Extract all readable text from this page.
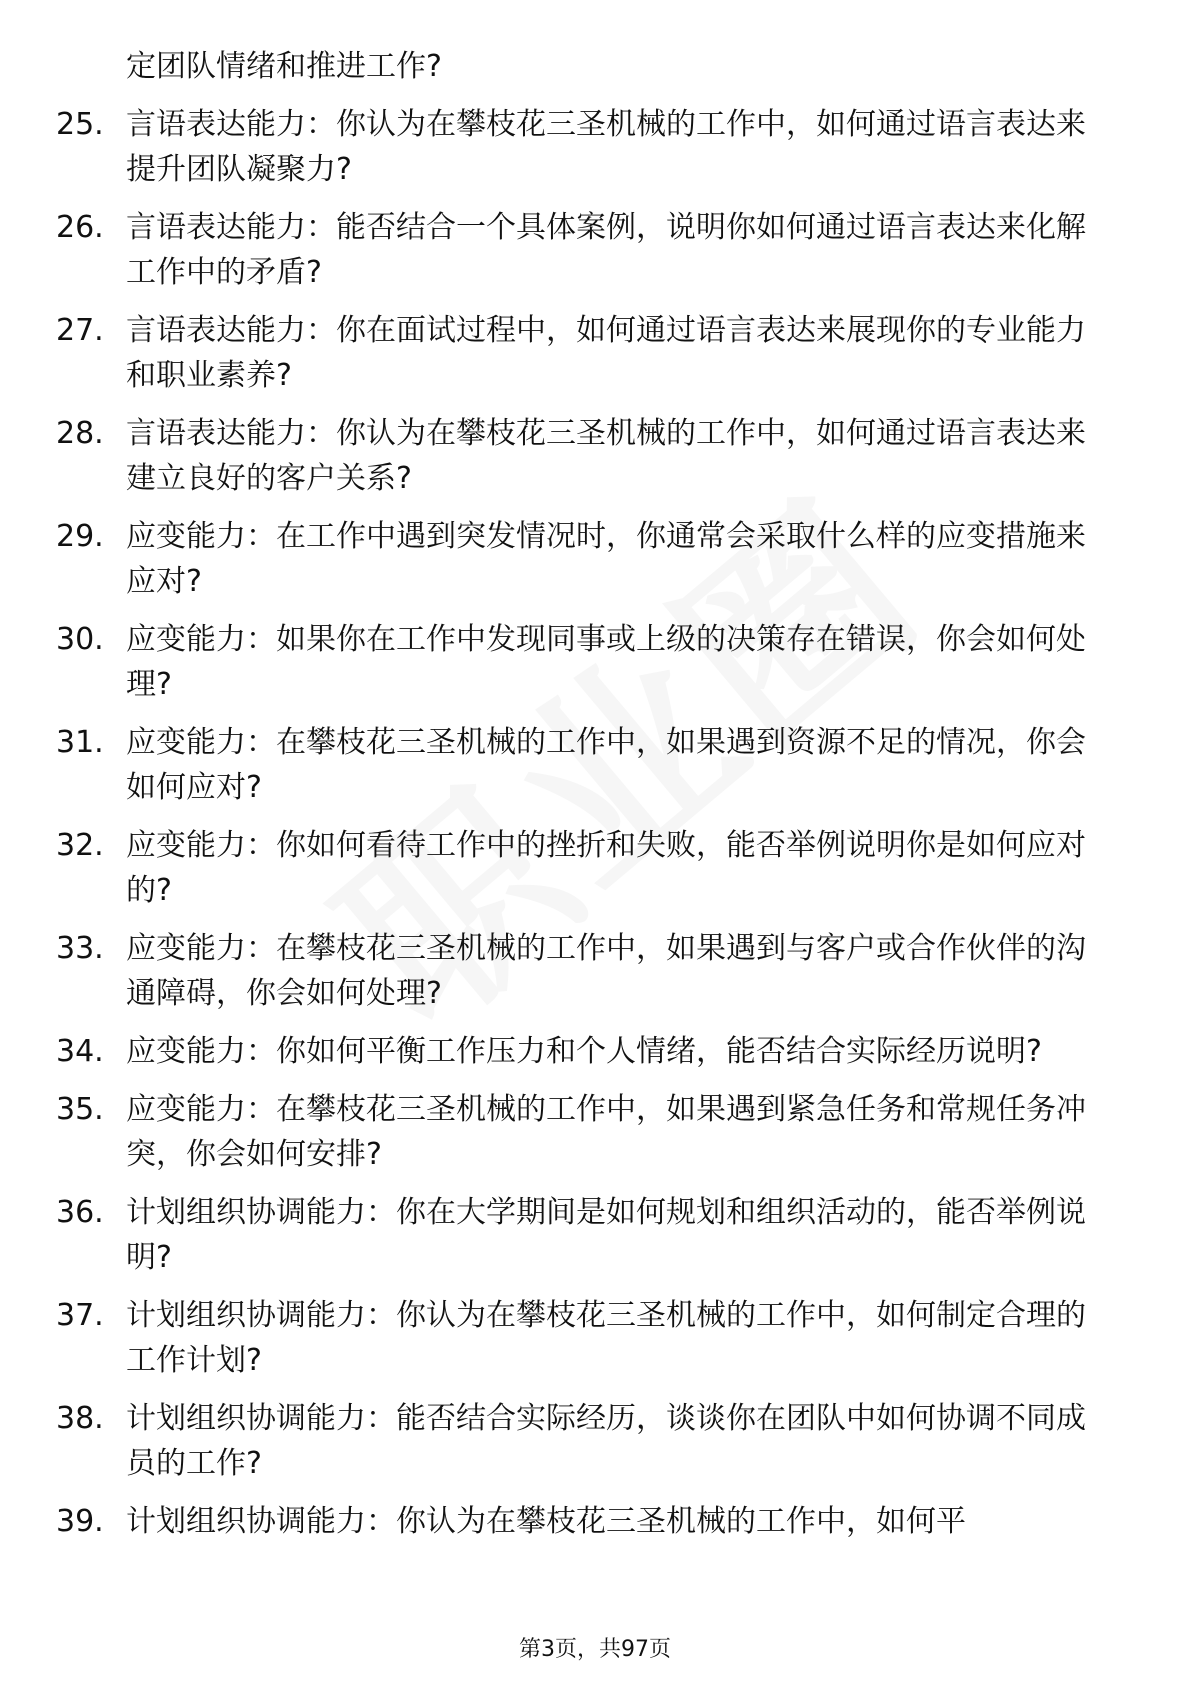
定团队情绪和推进工作?
25. 言语表达能力：你认为在攀枝花三圣机械的工作中，如何通过语言表达来提升团队凝聚力?
26. 言语表达能力：能否结合一个具体案例，说明你如何通过语言表达来化解工作中的矛盾?
27. 言语表达能力：你在面试过程中，如何通过语言表达来展现你的专业能力和职业素养?
28. 言语表达能力：你认为在攀枝花三圣机械的工作中，如何通过语言表达来建立良好的客户关系?
29. 应变能力：在工作中遇到突发情况时，你通常会采取什么样的应变措施来应对?
30. 应变能力：如果你在工作中发现同事或上级的决策存在错误，你会如何处理?
31. 应变能力：在攀枝花三圣机械的工作中，如果遇到资源不足的情况，你会如何应对?
32. 应变能力：你如何看待工作中的挫折和失败，能否举例说明你是如何应对的?
33. 应变能力：在攀枝花三圣机械的工作中，如果遇到与客户或合作伙伴的沟通障碍，你会如何处理?
34. 应变能力：你如何平衡工作压力和个人情绪，能否结合实际经历说明?
35. 应变能力：在攀枝花三圣机械的工作中，如果遇到紧急任务和常规任务冲突，你会如何安排?
36. 计划组织协调能力：你在大学期间是如何规划和组织活动的，能否举例说明?
37. 计划组织协调能力：你认为在攀枝花三圣机械的工作中，如何制定合理的工作计划?
38. 计划组织协调能力：能否结合实际经历，谈谈你在团队中如何协调不同成员的工作?
39. 计划组织协调能力：你认为在攀枝花三圣机械的工作中，如何平
第3页，共97页
